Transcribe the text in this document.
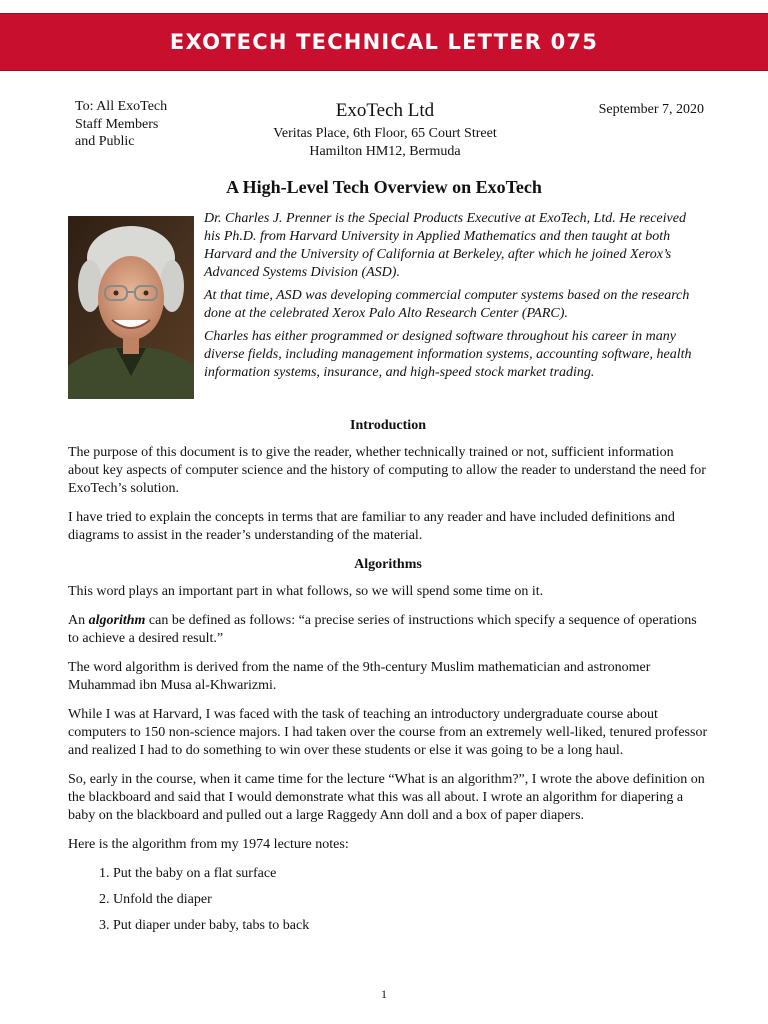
EXOTECH TECHNICAL LETTER 075
To: All ExoTech
Staff Members
and Public
ExoTech Ltd
Veritas Place, 6th Floor, 65 Court Street
Hamilton HM12, Bermuda
September 7, 2020
A High-Level Tech Overview on ExoTech

Dr. Charles J. Prenner is the Special Products Executive at ExoTech, Ltd. He received his Ph.D. from Harvard University in Applied Mathematics and then taught at both Harvard and the University of California at Berkeley, after which he joined Xerox’s Advanced Systems Division (ASD).

At that time, ASD was developing commercial computer systems based on the research done at the celebrated Xerox Palo Alto Research Center (PARC).

Charles has either programmed or designed software throughout his career in many diverse fields, including management information systems, accounting software, health information systems, insurance, and high-speed stock market trading.

Introduction

The purpose of this document is to give the reader, whether technically trained or not, sufficient information about key aspects of computer science and the history of computing to allow the reader to understand the need for ExoTech’s solution.

I have tried to explain the concepts in terms that are familiar to any reader and have included definitions and diagrams to assist in the reader’s understanding of the material.

Algorithms

This word plays an important part in what follows, so we will spend some time on it.

An algorithm can be defined as follows: “a precise series of instructions which specify a sequence of operations to achieve a desired result.”

The word algorithm is derived from the name of the 9th-century Muslim mathematician and astronomer Muhammad ibn Musa al-Khwarizmi.

While I was at Harvard, I was faced with the task of teaching an introductory undergraduate course about computers to 150 non-science majors. I had taken over the course from an extremely well-liked, tenured professor and realized I had to do something to win over these students or else it was going to be a long haul.

So, early in the course, when it came time for the lecture “What is an algorithm?”, I wrote the above definition on the blackboard and said that I would demonstrate what this was all about. I wrote an algorithm for diapering a baby on the blackboard and pulled out a large Raggedy Ann doll and a box of paper diapers.

Here is the algorithm from my 1974 lecture notes:

1. Put the baby on a flat surface
2. Unfold the diaper
3. Put diaper under baby, tabs to back
1
